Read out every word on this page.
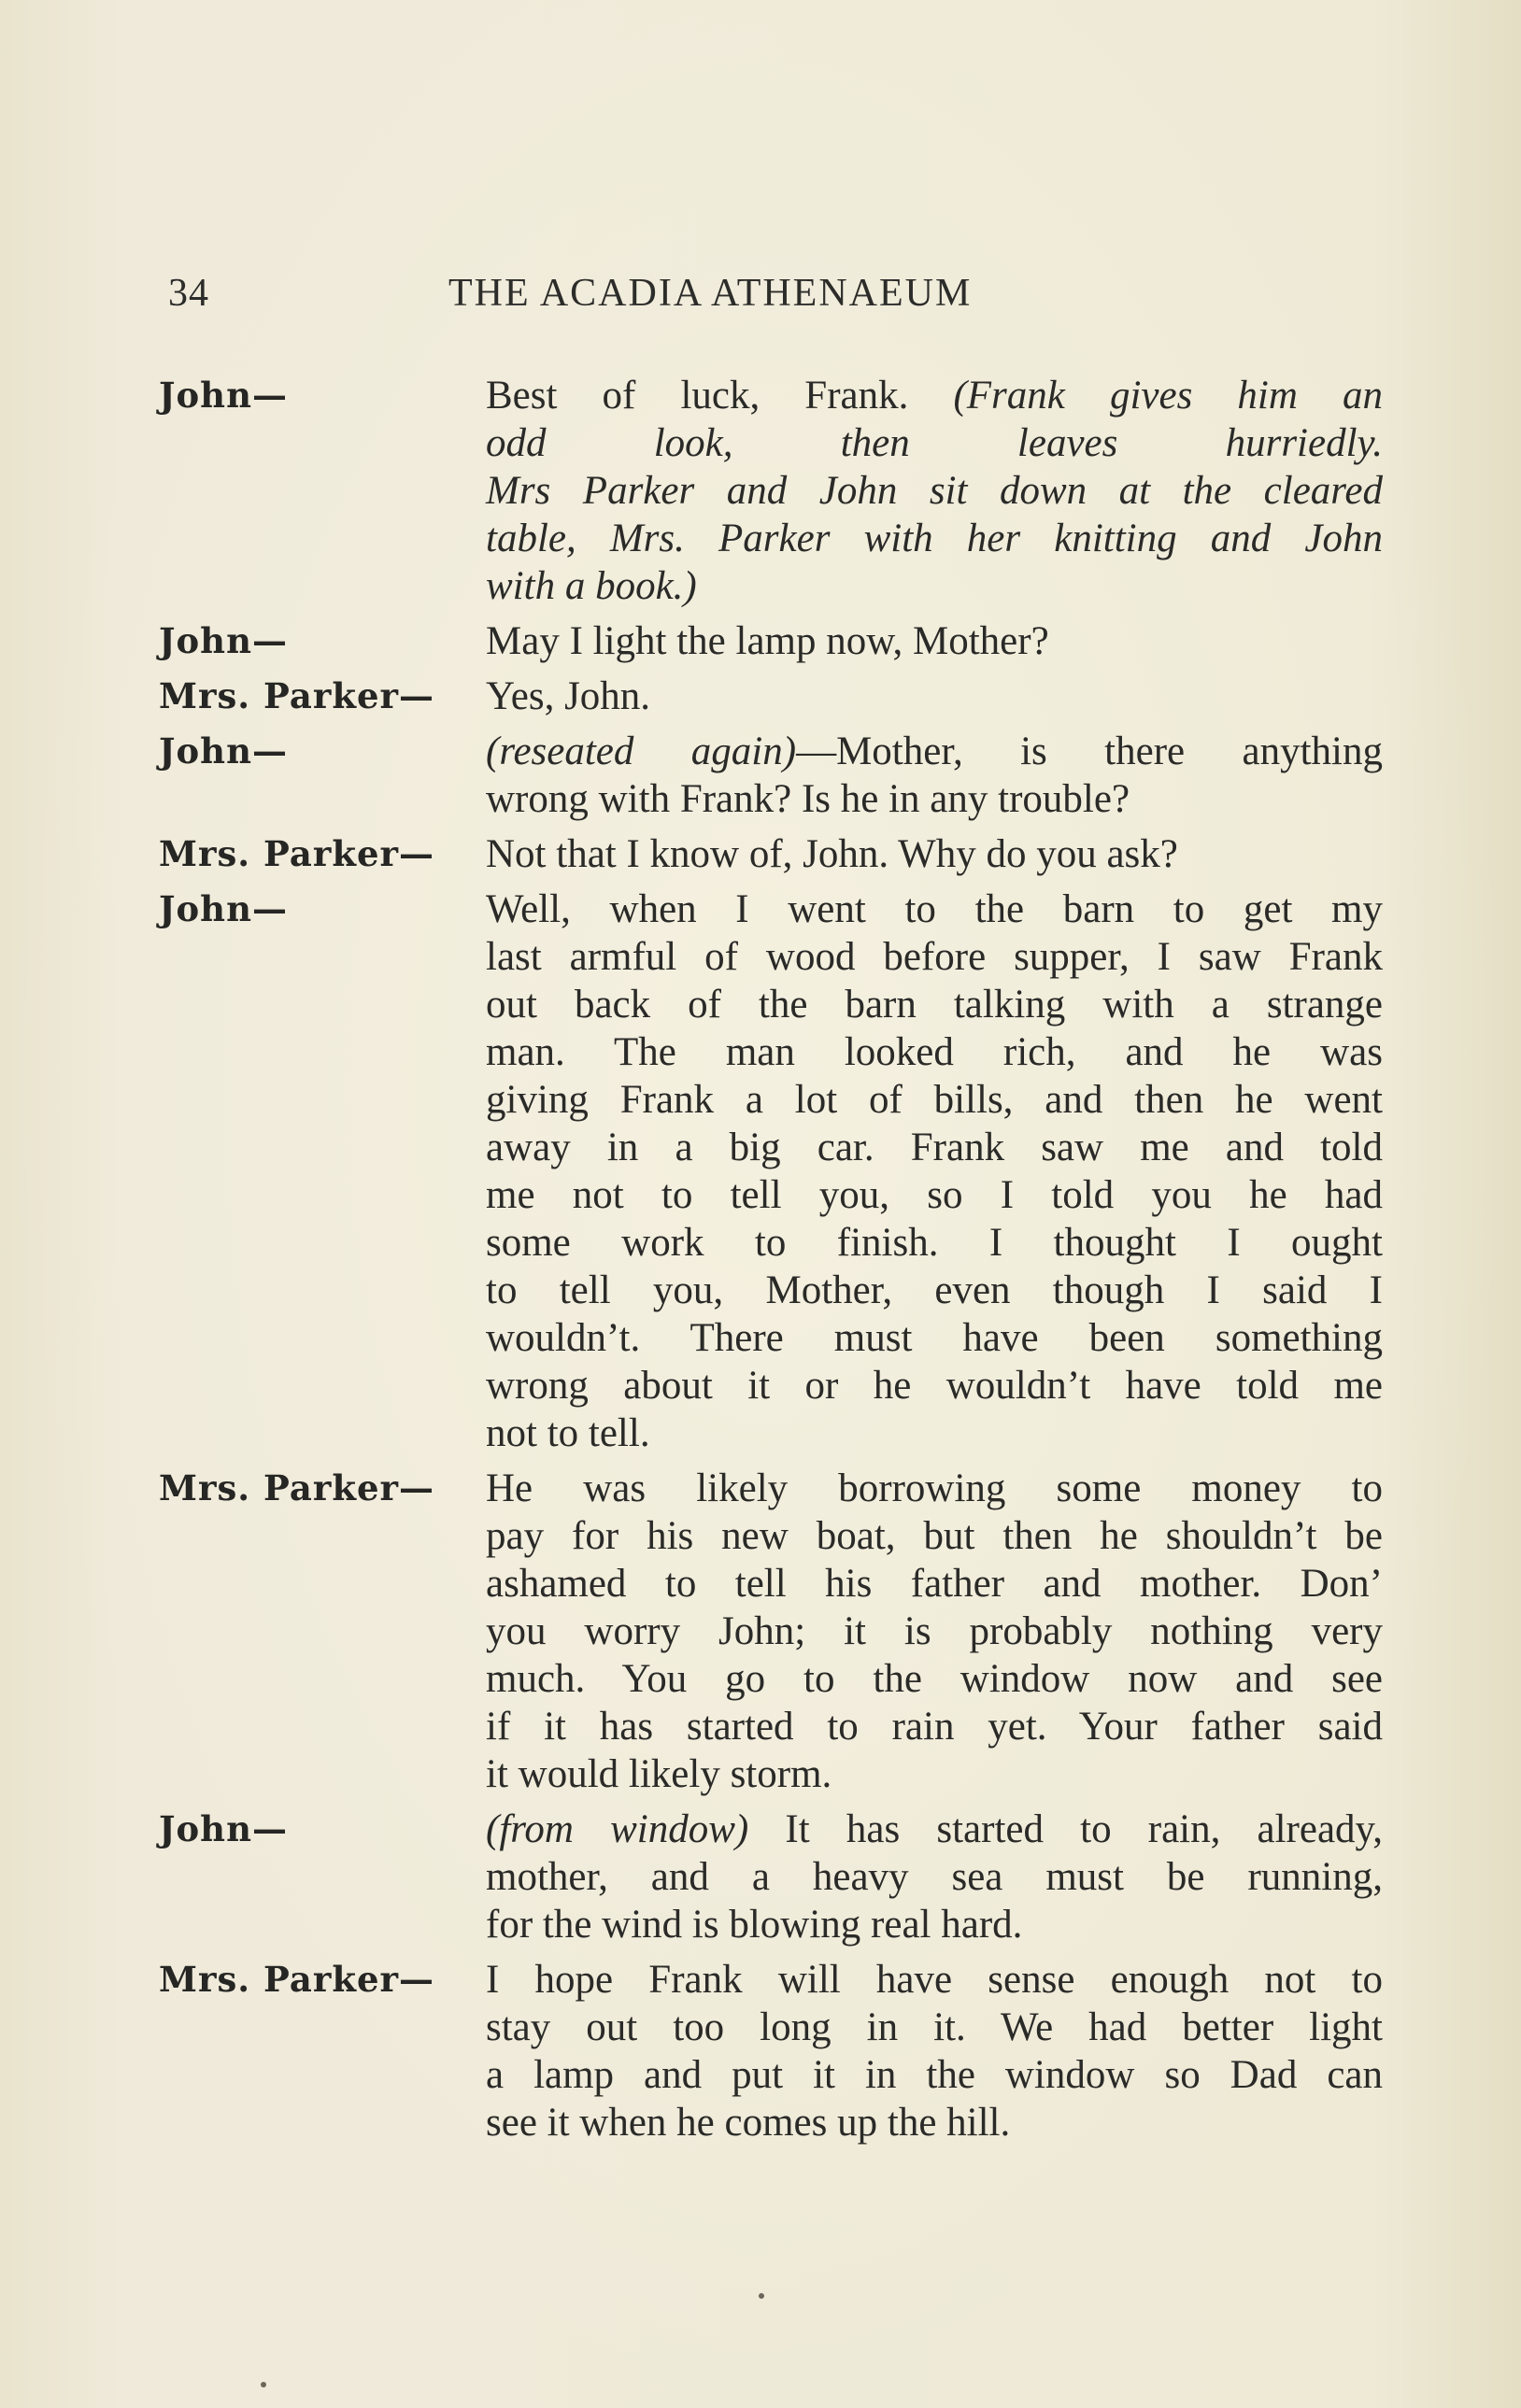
34	THE ACADIA ATHENAEUM
John—	Best of luck, Frank. (Frank gives him an
odd look, then leaves hurriedly.
Mrs Parker and John sit down at the cleared
table, Mrs. Parker with her knitting and John
with a book.)
John—	May I light the lamp now, Mother?
Mrs. Parker—	Yes, John.
John—	(reseated again)—Mother, is there anything
wrong with Frank? Is he in any trouble?
Mrs. Parker—	Not that I know of, John. Why do you ask?
John—	Well, when I went to the barn to get my
last armful of wood before supper, I saw Frank
out back of the barn talking with a strange
man. The man looked rich, and he was
giving Frank a lot of bills, and then he went
away in a big car. Frank saw me and told
me not to tell you, so I told you he had
some work to finish. I thought I ought
to tell you, Mother, even though I said I
wouldn’t. There must have been something
wrong about it or he wouldn’t have told me
not to tell.
Mrs. Parker—	He was likely borrowing some money to
pay for his new boat, but then he shouldn’t be
ashamed to tell his father and mother. Don’
you worry John; it is probably nothing very
much. You go to the window now and see
if it has started to rain yet. Your father said
it would likely storm.
John—	(from window) It has started to rain, already,
mother, and a heavy sea must be running,
for the wind is blowing real hard.
Mrs. Parker—	I hope Frank will have sense enough not to
stay out too long in it. We had better light
a lamp and put it in the window so Dad can
see it when he comes up the hill.
